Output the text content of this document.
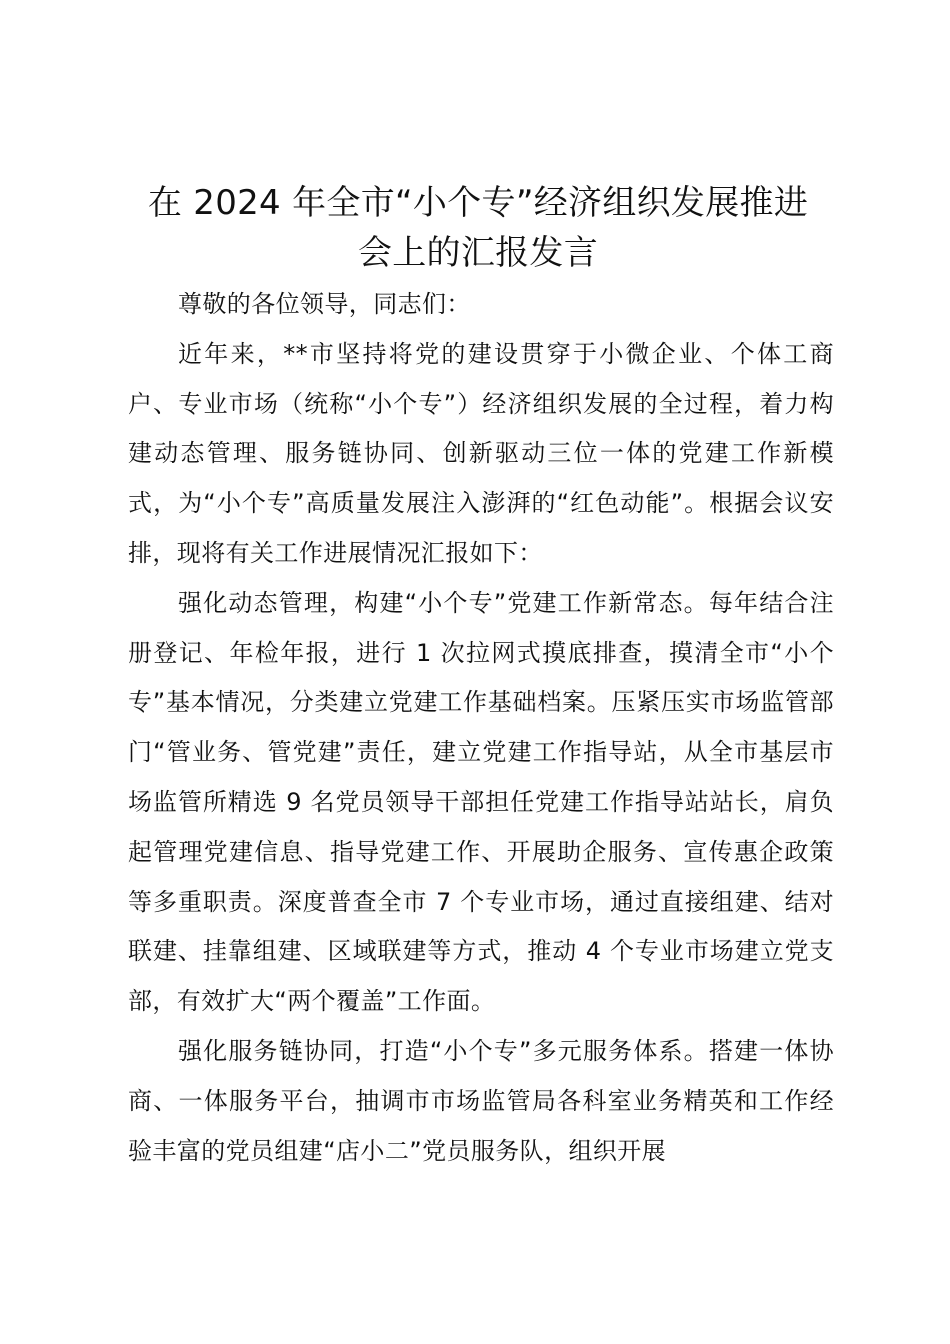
在 2024 年全市“小个专”经济组织发展推进
会上的汇报发言

尊敬的各位领导，同志们：

近年来，**市坚持将党的建设贯穿于小微企业、个体工商户、专业市场（统称“小个专”）经济组织发展的全过程，着力构建动态管理、服务链协同、创新驱动三位一体的党建工作新模式，为“小个专”高质量发展注入澎湃的“红色动能”。根据会议安排，现将有关工作进展情况汇报如下：

强化动态管理，构建“小个专”党建工作新常态。每年结合注册登记、年检年报，进行 1 次拉网式摸底排查，摸清全市“小个专”基本情况，分类建立党建工作基础档案。压紧压实市场监管部门“管业务、管党建”责任，建立党建工作指导站，从全市基层市场监管所精选 9 名党员领导干部担任党建工作指导站站长，肩负起管理党建信息、指导党建工作、开展助企服务、宣传惠企政策等多重职责。深度普查全市 7 个专业市场，通过直接组建、结对联建、挂靠组建、区域联建等方式，推动 4 个专业市场建立党支部，有效扩大“两个覆盖”工作面。

强化服务链协同，打造“小个专”多元服务体系。搭建一体协商、一体服务平台，抽调市市场监管局各科室业务精英和工作经验丰富的党员组建“店小二”党员服务队，组织开展
